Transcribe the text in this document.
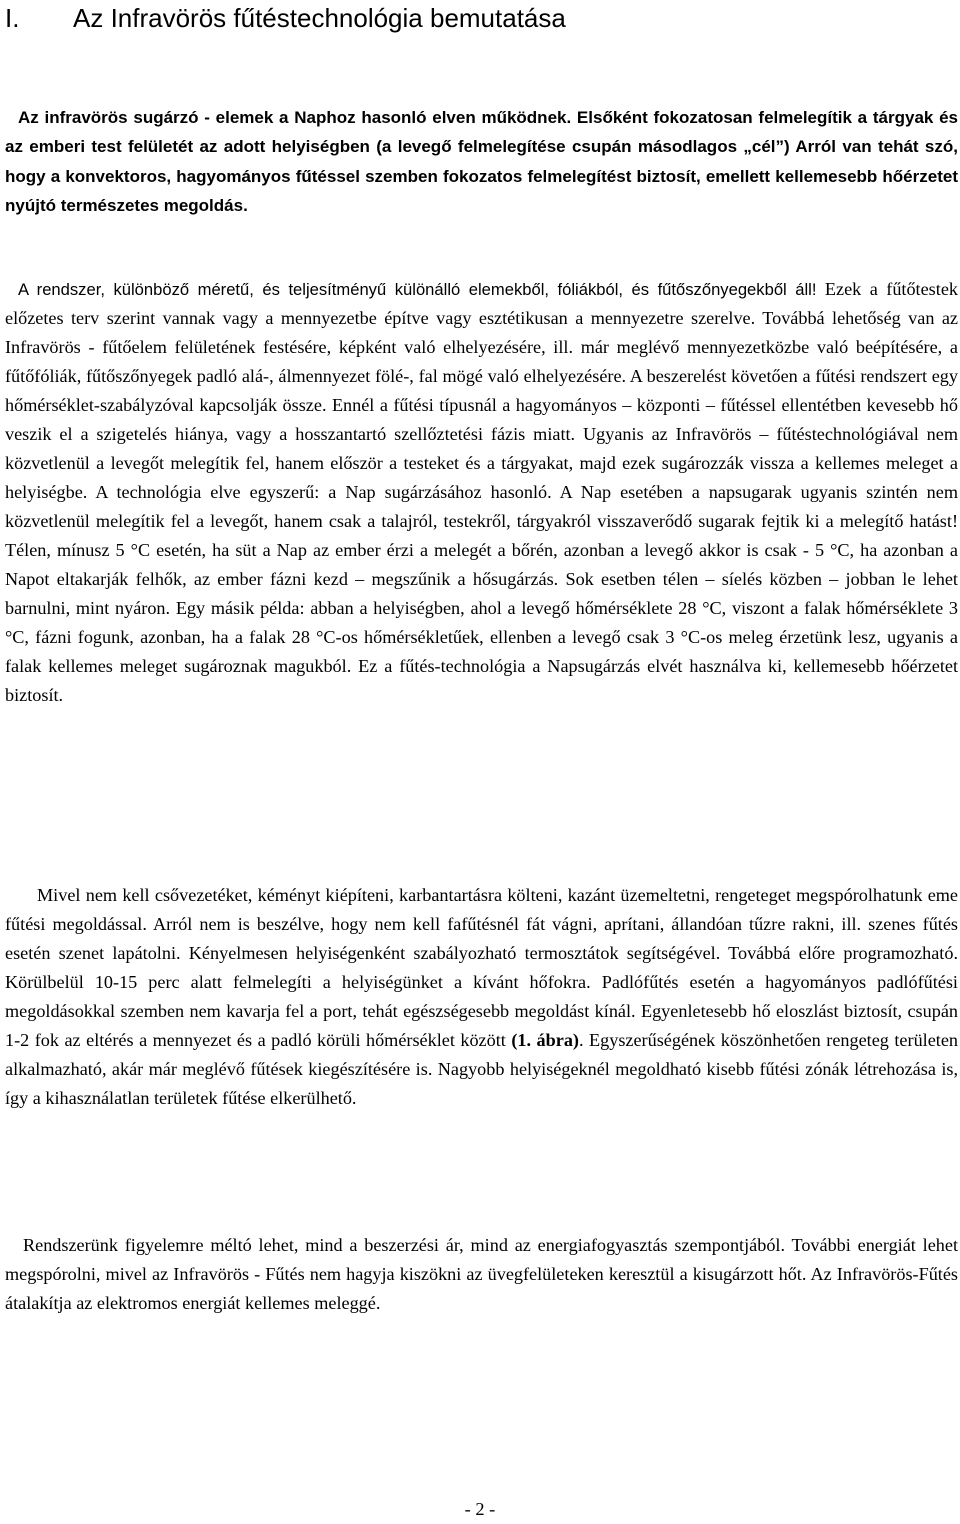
I. Az Infravörös fűtéstechnológia bemutatása

Az infravörös sugárzó - elemek a Naphoz hasonló elven működnek. Elsőként fokozatosan felmelegítik a tárgyak és az emberi test felületét az adott helyiségben (a levegő felmelegítése csupán másodlagos „cél”) Arról van tehát szó, hogy a konvektoros, hagyományos fűtéssel szemben fokozatos felmelegítést biztosít, emellett kellemesebb hőérzetet nyújtó természetes megoldás.

A rendszer, különböző méretű, és teljesítményű különálló elemekből, fóliákból, és fűtőszőnyegekből áll! Ezek a fűtőtestek előzetes terv szerint vannak vagy a mennyezetbe építve vagy esztétikusan a mennyezetre szerelve. Továbbá lehetőség van az Infravörös - fűtőelem felületének festésére, képként való elhelyezésére, ill. már meglévő mennyezetközbe való beépítésére, a fűtőfóliák, fűtőszőnyegek padló alá-, álmennyezet fölé-, fal mögé való elhelyezésére. A beszerelést követően a fűtési rendszert egy hőmérséklet-szabályzóval kapcsolják össze. Ennél a fűtési típusnál a hagyományos – központi – fűtéssel ellentétben kevesebb hő veszik el a szigetelés hiánya, vagy a hosszantartó szellőztetési fázis miatt. Ugyanis az Infravörös – fűtéstechnológiával nem közvetlenül a levegőt melegítik fel, hanem először a testeket és a tárgyakat, majd ezek sugározzák vissza a kellemes meleget a helyiségbe. A technológia elve egyszerű: a Nap sugárzásához hasonló. A Nap esetében a napsugarak ugyanis szintén nem közvetlenül melegítik fel a levegőt, hanem csak a talajról, testekről, tárgyakról visszaverődő sugarak fejtik ki a melegítő hatást! Télen, mínusz 5 °C esetén, ha süt a Nap az ember érzi a melegét a bőrén, azonban a levegő akkor is csak - 5 °C, ha azonban a Napot eltakarják felhők, az ember fázni kezd – megszűnik a hősugárzás. Sok esetben télen – síelés közben – jobban le lehet barnulni, mint nyáron. Egy másik példa: abban a helyiségben, ahol a levegő hőmérséklete 28 °C, viszont a falak hőmérséklete 3 °C, fázni fogunk, azonban, ha a falak 28 °C-os hőmérsékletűek, ellenben a levegő csak 3 °C-os meleg érzetünk lesz, ugyanis a falak kellemes meleget sugároznak magukból. Ez a fűtés-technológia a Napsugárzás elvét használva ki, kellemesebb hőérzetet biztosít.

Mivel nem kell csővezetéket, kéményt kiépíteni, karbantartásra költeni, kazánt üzemeltetni, rengeteget megspórolhatunk eme fűtési megoldással. Arról nem is beszélve, hogy nem kell fafűtésnél fát vágni, aprítani, állandóan tűzre rakni, ill. szenes fűtés esetén szenet lapátolni. Kényelmesen helyiségenként szabályozható termosztátok segítségével. Továbbá előre programozható. Körülbelül 10-15 perc alatt felmelegíti a helyiségünket a kívánt hőfokra. Padlófűtés esetén a hagyományos padlófűtési megoldásokkal szemben nem kavarja fel a port, tehát egészségesebb megoldást kínál. Egyenletesebb hő eloszlást biztosít, csupán 1-2 fok az eltérés a mennyezet és a padló körüli hőmérséklet között (1. ábra). Egyszerűségének köszönhetően rengeteg területen alkalmazható, akár már meglévő fűtések kiegészítésére is. Nagyobb helyiségeknél megoldható kisebb fűtési zónák létrehozása is, így a kihasználatlan területek fűtése elkerülhető.

Rendszerünk figyelemre méltó lehet, mind a beszerzési ár, mind az energiafogyasztás szempontjából. További energiát lehet megspórolni, mivel az Infravörös - Fűtés nem hagyja kiszökni az üvegfelületeken keresztül a kisugárzott hőt. Az Infravörös-Fűtés átalakítja az elektromos energiát kellemes meleggé.

- 2 -
